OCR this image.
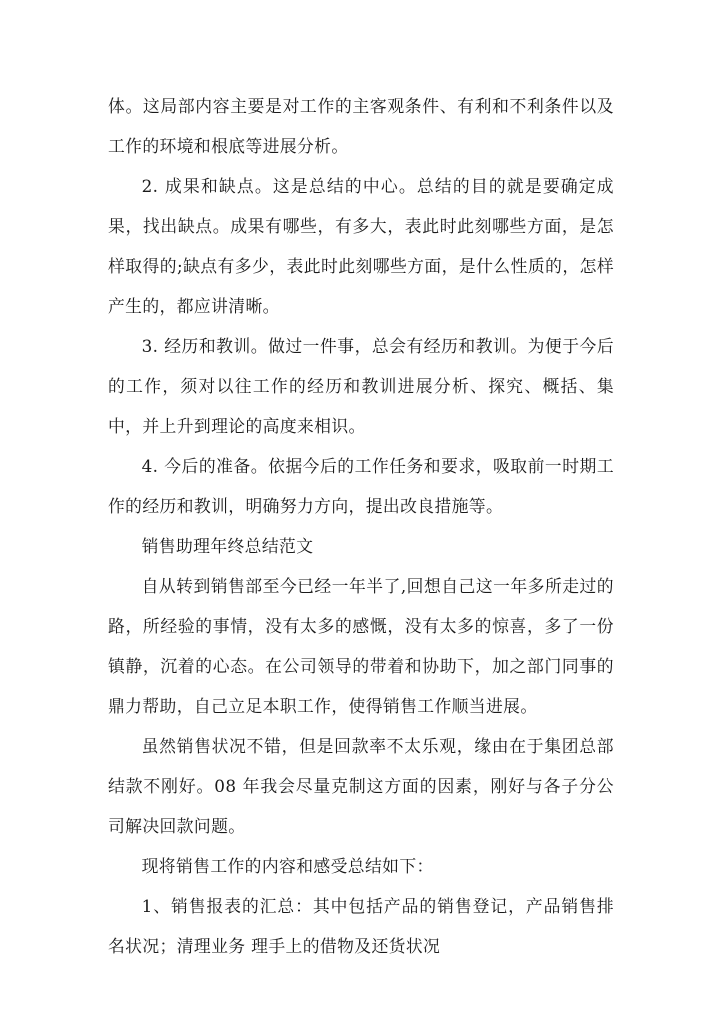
体。这局部内容主要是对工作的主客观条件、有利和不利条件以及工作的环境和根底等进展分析。

2. 成果和缺点。这是总结的中心。总结的目的就是要确定成果，找出缺点。成果有哪些，有多大，表此时此刻哪些方面，是怎样取得的;缺点有多少，表此时此刻哪些方面，是什么性质的，怎样产生的，都应讲清晰。

3. 经历和教训。做过一件事，总会有经历和教训。为便于今后的工作，须对以往工作的经历和教训进展分析、探究、概括、集中，并上升到理论的高度来相识。

4. 今后的准备。依据今后的工作任务和要求，吸取前一时期工作的经历和教训，明确努力方向，提出改良措施等。

销售助理年终总结范文

自从转到销售部至今已经一年半了,回想自己这一年多所走过的路，所经验的事情，没有太多的感慨，没有太多的惊喜，多了一份镇静，沉着的心态。在公司领导的带着和协助下，加之部门同事的鼎力帮助，自己立足本职工作，使得销售工作顺当进展。

虽然销售状况不错，但是回款率不太乐观，缘由在于集团总部结款不刚好。08 年我会尽量克制这方面的因素，刚好与各子分公司解决回款问题。

现将销售工作的内容和感受总结如下：

1、销售报表的汇总：其中包括产品的销售登记，产品销售排名状况；清理业务 理手上的借物及还货状况
